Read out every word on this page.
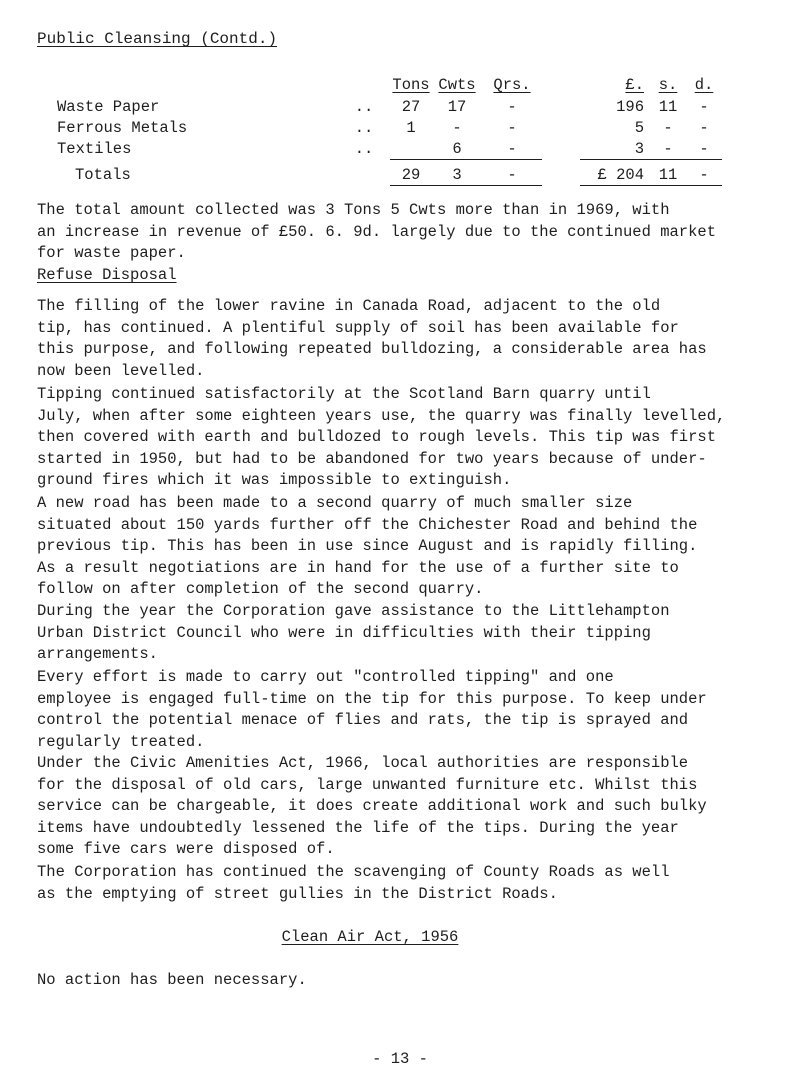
Public Cleansing (Contd.)
		Tons	Cwts	Qrs.		£.	s.	d.
Waste Paper	..	27	17	-		196	11	-
Ferrous Metals	..	1	-	-		5	-	-
Textiles	..		6	-		3	-	-
Totals		29	3	-		£ 204	11	-

The total amount collected was 3 Tons 5 Cwts more than in 1969, with
an increase in revenue of £50. 6. 9d. largely due to the continued market
for waste paper.

Refuse Disposal

The filling of the lower ravine in Canada Road, adjacent to the old
tip, has continued. A plentiful supply of soil has been available for
this purpose, and following repeated bulldozing, a considerable area has
now been levelled.

Tipping continued satisfactorily at the Scotland Barn quarry until
July, when after some eighteen years use, the quarry was finally levelled,
then covered with earth and bulldozed to rough levels. This tip was first
started in 1950, but had to be abandoned for two years because of under-
ground fires which it was impossible to extinguish.

A new road has been made to a second quarry of much smaller size
situated about 150 yards further off the Chichester Road and behind the
previous tip. This has been in use since August and is rapidly filling.
As a result negotiations are in hand for the use of a further site to
follow on after completion of the second quarry.

During the year the Corporation gave assistance to the Littlehampton
Urban District Council who were in difficulties with their tipping
arrangements.

Every effort is made to carry out "controlled tipping" and one
employee is engaged full-time on the tip for this purpose. To keep under
control the potential menace of flies and rats, the tip is sprayed and
regularly treated.

Under the Civic Amenities Act, 1966, local authorities are responsible
for the disposal of old cars, large unwanted furniture etc. Whilst this
service can be chargeable, it does create additional work and such bulky
items have undoubtedly lessened the life of the tips. During the year
some five cars were disposed of.

The Corporation has continued the scavenging of County Roads as well
as the emptying of street gullies in the District Roads.

Clean Air Act, 1956

No action has been necessary.

- 13 -
